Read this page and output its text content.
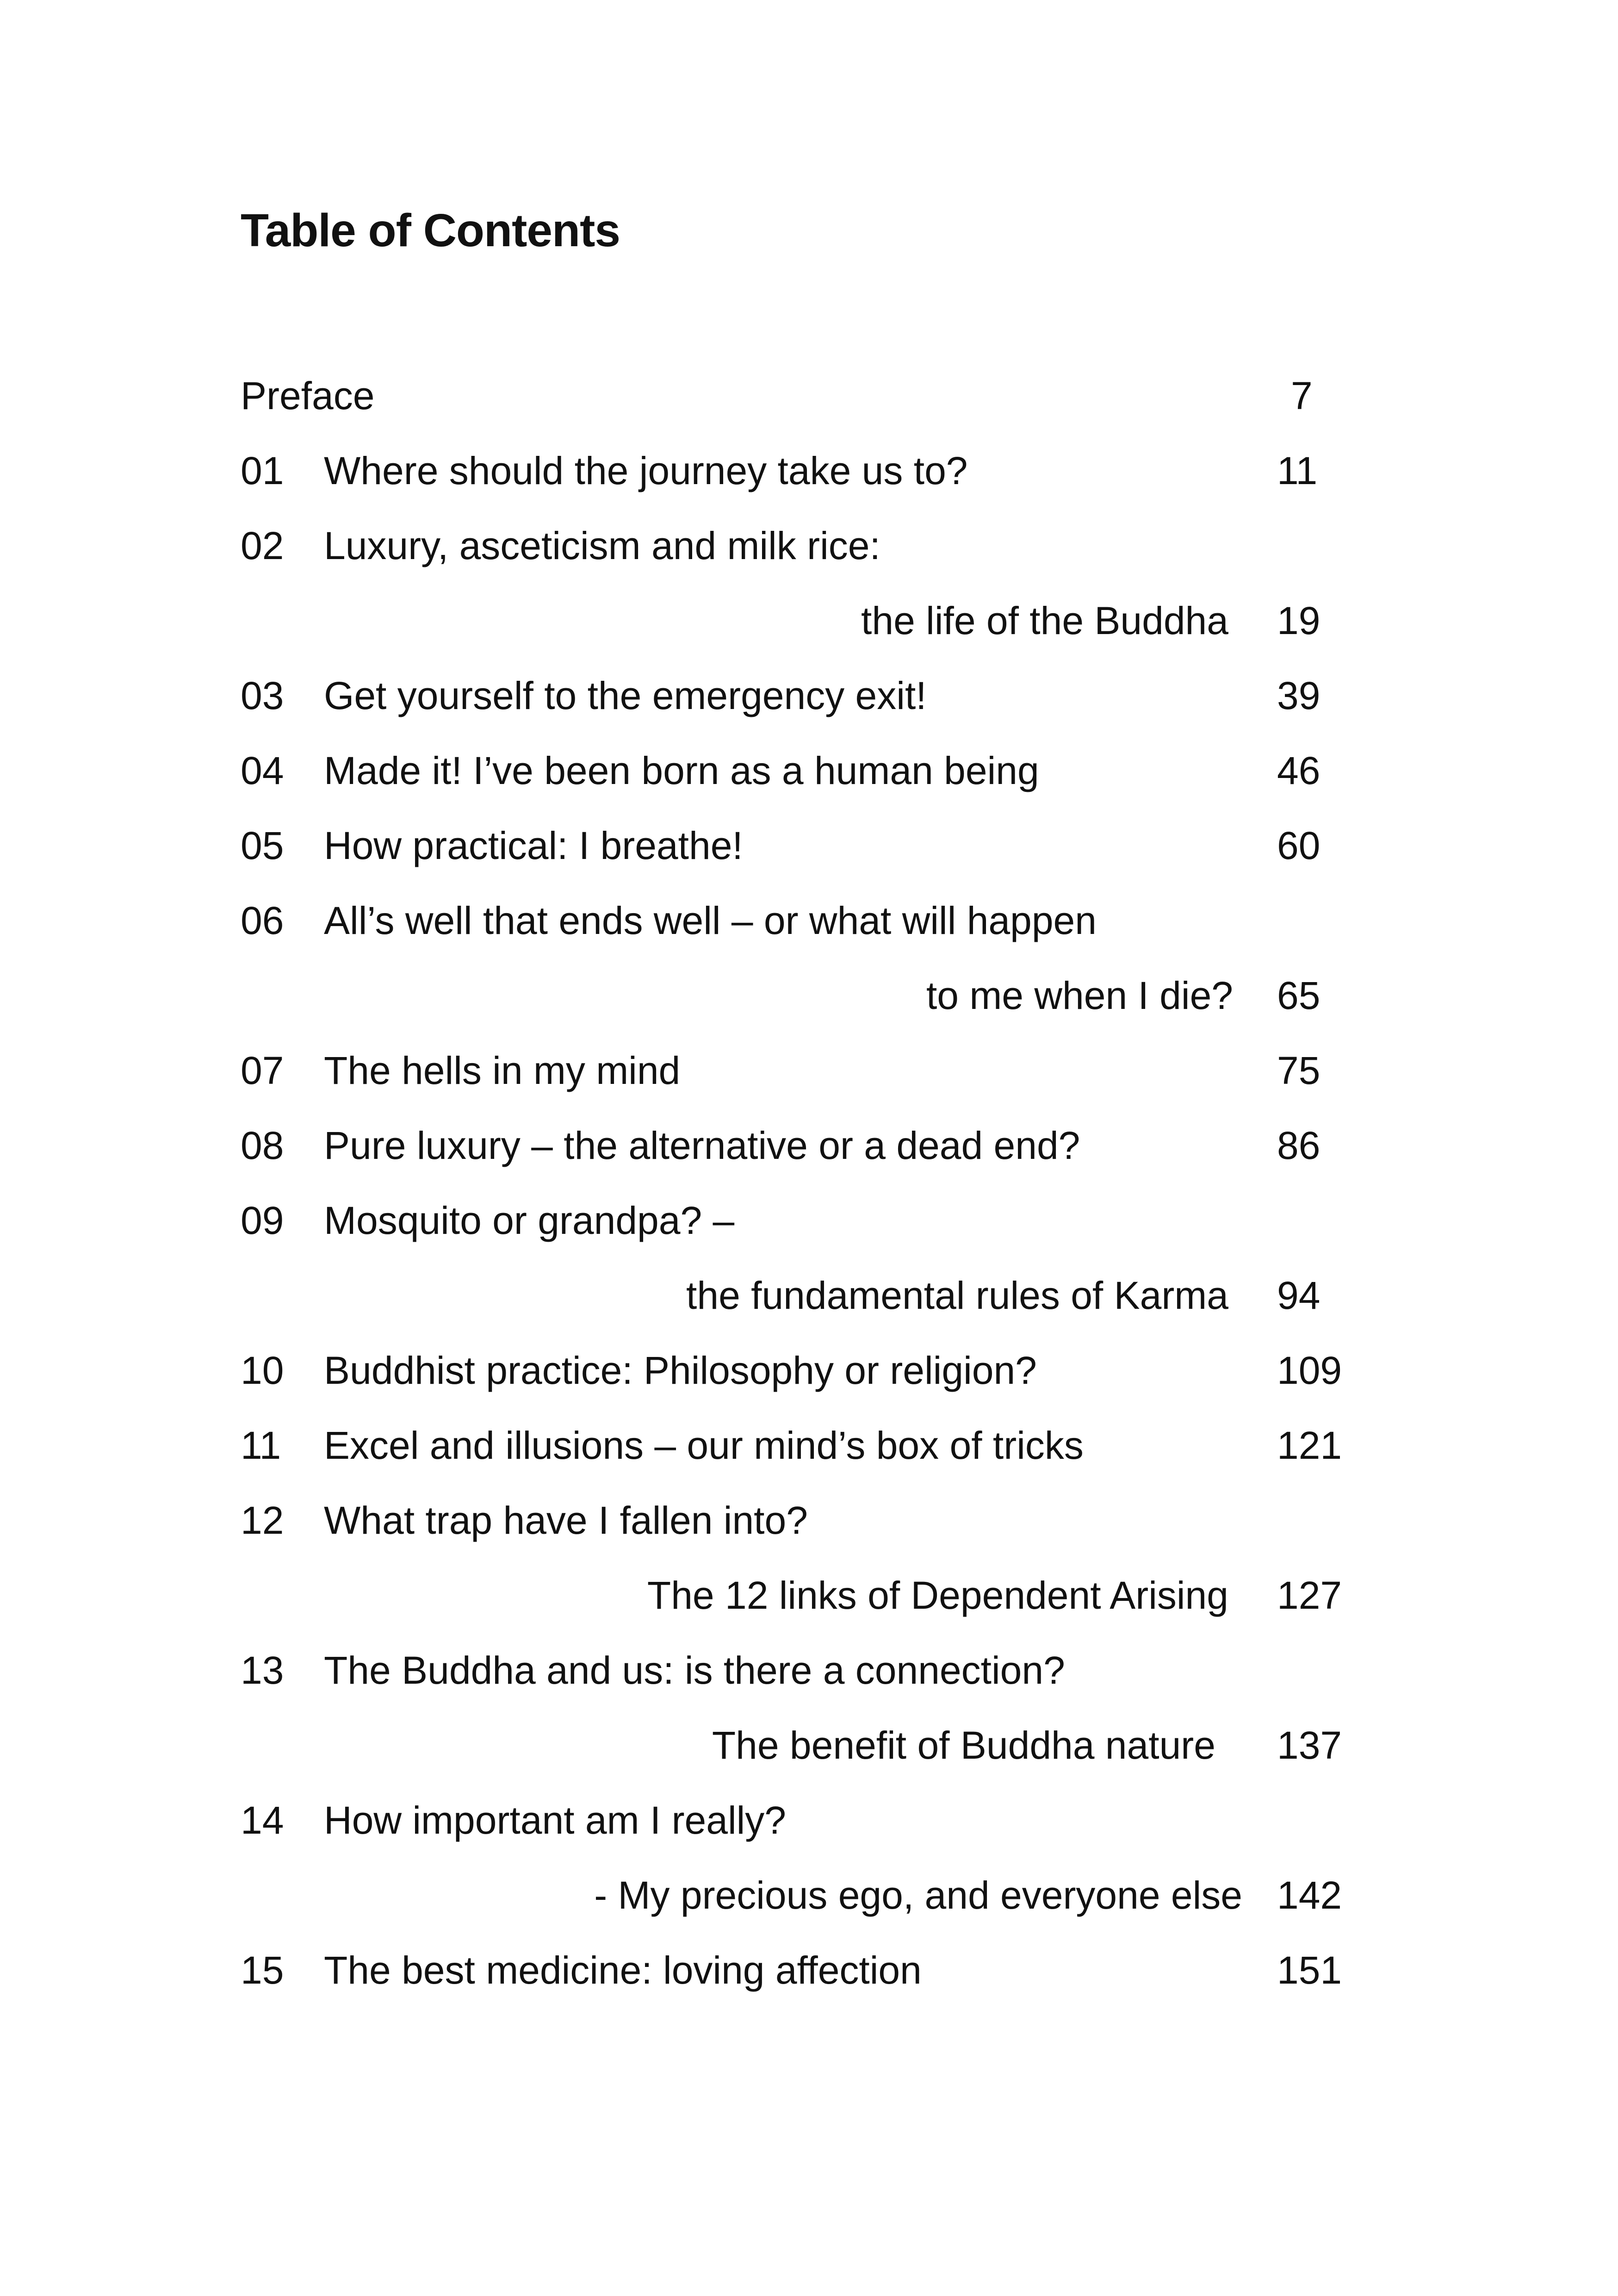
Table of Contents
Preface	7
01 Where should the journey take us to?	11
02 Luxury, asceticism and milk rice:
the life of the Buddha 19
03 Get yourself to the emergency exit!	39
04 Made it! I’ve been born as a human being	46
05 How practical: I breathe!	60
06 All’s well that ends well – or what will happen
to me when I die? 65
07 The hells in my mind	75
08 Pure luxury – the alternative or a dead end?	86
09 Mosquito or grandpa? –
the fundamental rules of Karma 94
10 Buddhist practice: Philosophy or religion?	109
11 Excel and illusions – our mind’s box of tricks	121
12 What trap have I fallen into?
The 12 links of Dependent Arising 127
13 The Buddha and us: is there a connection?
The benefit of Buddha nature 137
14 How important am I really?
- My precious ego, and everyone else 142
15 The best medicine: loving affection	151
